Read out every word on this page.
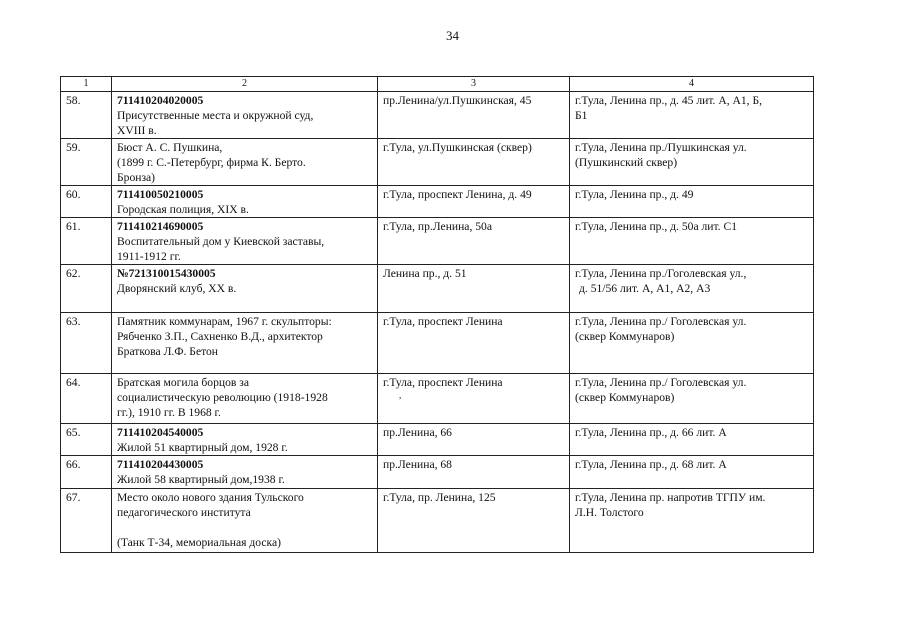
34
1	2	3	4
58.	711410204020005
Присутственные места и окружной суд,
XVIII в.	пр.Ленина/ул.Пушкинская, 45	г.Тула, Ленина пр., д. 45 лит. А, А1, Б,
Б1

59.	Бюст А. С. Пушкина,
(1899 г. С.-Петербург, фирма К. Берто.
Бронза)	г.Тула, ул.Пушкинская (сквер)	г.Тула, Ленина пр./Пушкинская ул.
(Пушкинский сквер)

60.	711410050210005
Городская полиция, XIX в.	г.Тула, проспект Ленина, д. 49	г.Тула, Ленина пр., д. 49

61.	711410214690005
Воспитательный дом у Киевской заставы,
1911-1912 гг.	г.Тула, пр.Ленина, 50а	г.Тула, Ленина пр., д. 50а лит. С1

62.	№721310015430005
Дворянский клуб, XX в.	Ленина пр., д. 51	г.Тула, Ленина пр./Гоголевская ул.,
д. 51/56 лит. А, А1, А2, А3

63.	Памятник коммунарам, 1967 г. скульпторы:
Рябченко З.П., Сахненко В.Д., архитектор
Браткова Л.Ф. Бетон	г.Тула, проспект Ленина	г.Тула, Ленина пр./ Гоголевская ул.
(сквер Коммунаров)

64.	Братская могила борцов за
социалистическую революцию (1918-1928
гг.), 1910 гг. В 1968 г.	г.Тула, проспект Ленина
,	г.Тула, Ленина пр./ Гоголевская ул.
(сквер Коммунаров)

65.	711410204540005
Жилой 51 квартирный дом, 1928 г.	пр.Ленина, 66	г.Тула, Ленина пр., д. 66 лит. А

66.	711410204430005
Жилой 58 квартирный дом,1938 г.	пр.Ленина, 68	г.Тула, Ленина пр., д. 68 лит. А

67.	Место около нового здания Тульского
педагогического института
(Танк Т-34, мемориальная доска)	г.Тула, пр. Ленина, 125	г.Тула, Ленина пр. напротив ТГПУ им.
Л.Н. Толстого
